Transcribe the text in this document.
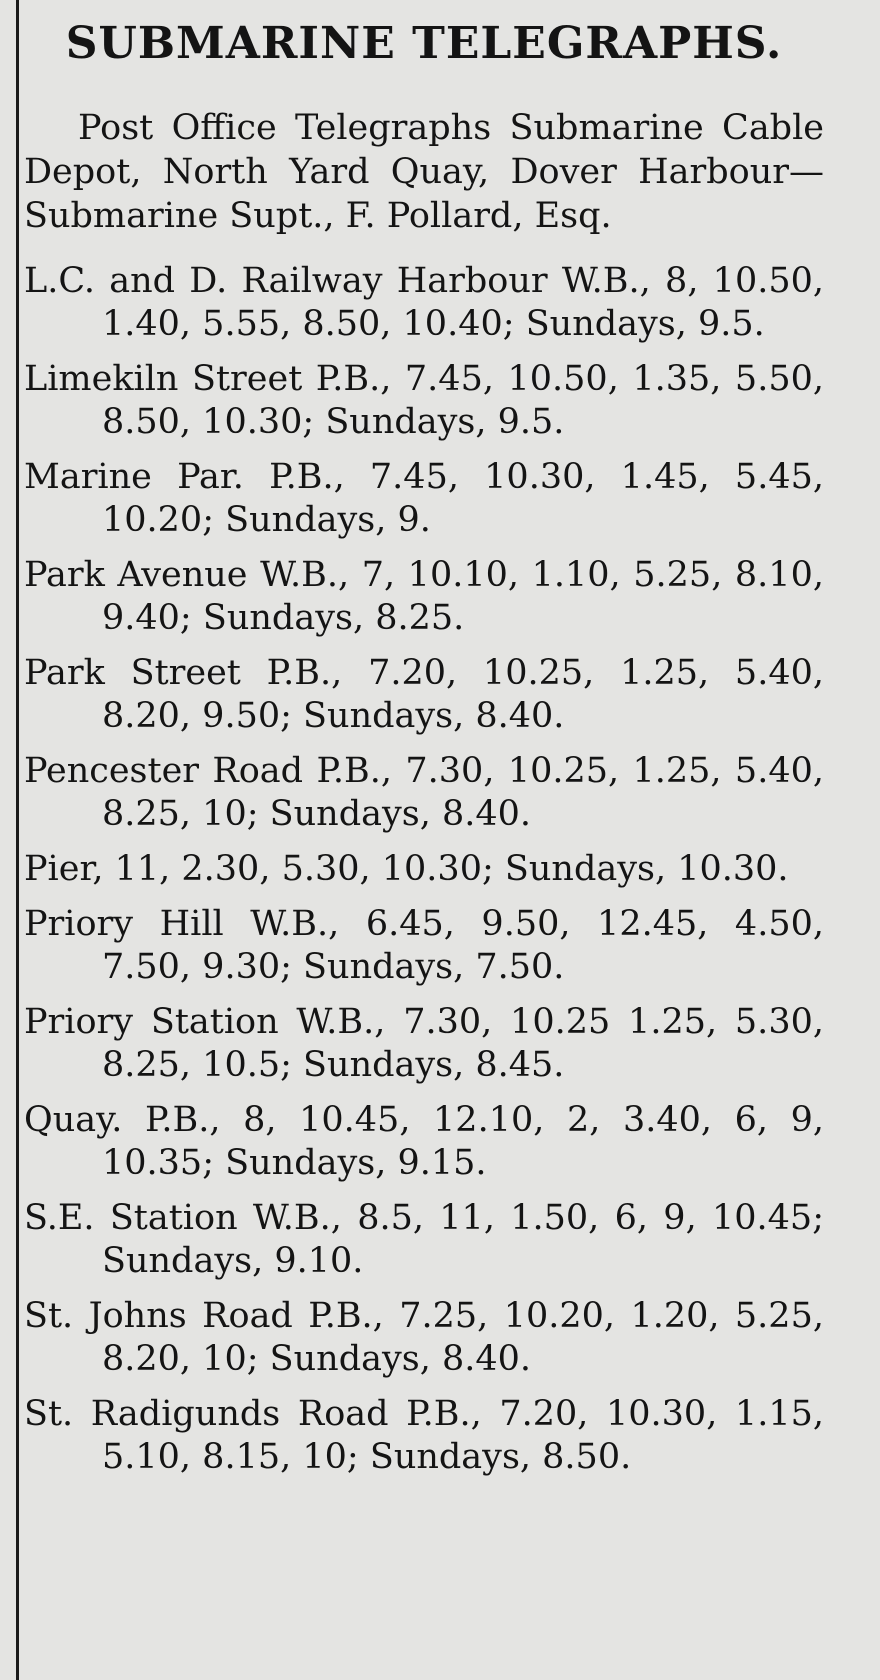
SUBMARINE TELEGRAPHS.

Post Office Telegraphs Submarine Cable Depot, North Yard Quay, Dover Harbour—Submarine Supt., F. Pollard, Esq.

L.C. and D. Railway Harbour W.B., 8, 10.50, 1.40, 5.55, 8.50, 10.40; Sundays, 9.5.

Limekiln Street P.B., 7.45, 10.50, 1.35, 5.50, 8.50, 10.30; Sundays, 9.5.

Marine Par. P.B., 7.45, 10.30, 1.45, 5.45, 10.20; Sundays, 9.

Park Avenue W.B., 7, 10.10, 1.10, 5.25, 8.10, 9.40; Sundays, 8.25.

Park Street P.B., 7.20, 10.25, 1.25, 5.40, 8.20, 9.50; Sundays, 8.40.

Pencester Road P.B., 7.30, 10.25, 1.25, 5.40, 8.25, 10; Sundays, 8.40.

Pier, 11, 2.30, 5.30, 10.30; Sundays, 10.30.

Priory Hill W.B., 6.45, 9.50, 12.45, 4.50, 7.50, 9.30; Sundays, 7.50.

Priory Station W.B., 7.30, 10.25 1.25, 5.30, 8.25, 10.5; Sundays, 8.45.

Quay. P.B., 8, 10.45, 12.10, 2, 3.40, 6, 9, 10.35; Sundays, 9.15.

S.E. Station W.B., 8.5, 11, 1.50, 6, 9, 10.45; Sundays, 9.10.

St. Johns Road P.B., 7.25, 10.20, 1.20, 5.25, 8.20, 10; Sundays, 8.40.

St. Radigunds Road P.B., 7.20, 10.30, 1.15, 5.10, 8.15, 10; Sundays, 8.50.
